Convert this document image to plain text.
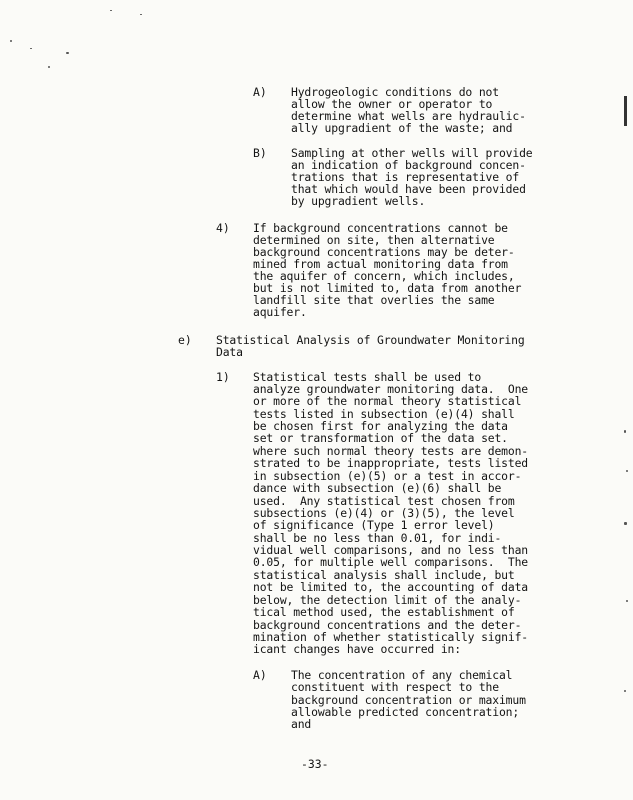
A) Hydrogeologic conditions do not

allow the owner or operator to

determine what wells are hydraulic-

ally upgradient of the waste; and

B) Sampling at other wells will provide

an indication of background concen-

trations that is representative of

that which would have been provided

by upgradient wells.

4) If background concentrations cannot be

determined on site, then alternative

background concentrations may be deter-

mined from actual monitoring data from

the aquifer of concern, which includes,

but is not limited to, data from another

landfill site that overlies the same

aquifer.

e) Statistical Analysis of Groundwater Monitoring

Data

1) Statistical tests shall be used to

analyze groundwater monitoring data.  One

or more of the normal theory statistical

tests listed in subsection (e)(4) shall

be chosen first for analyzing the data

set or transformation of the data set.

where such normal theory tests are demon-

strated to be inappropriate, tests listed

in subsection (e)(5) or a test in accor-

dance with subsection (e)(6) shall be

used.  Any statistical test chosen from

subsections (e)(4) or (3)(5), the level

of significance (Type 1 error level)

shall be no less than 0.01, for indi-

vidual well comparisons, and no less than

0.05, for multiple well comparisons.  The

statistical analysis shall include, but

not be limited to, the accounting of data

below, the detection limit of the analy-

tical method used, the establishment of

background concentrations and the deter-

mination of whether statistically signif-

icant changes have occurred in:

A) The concentration of any chemical

constituent with respect to the

background concentration or maximum

allowable predicted concentration;

and

-33-
